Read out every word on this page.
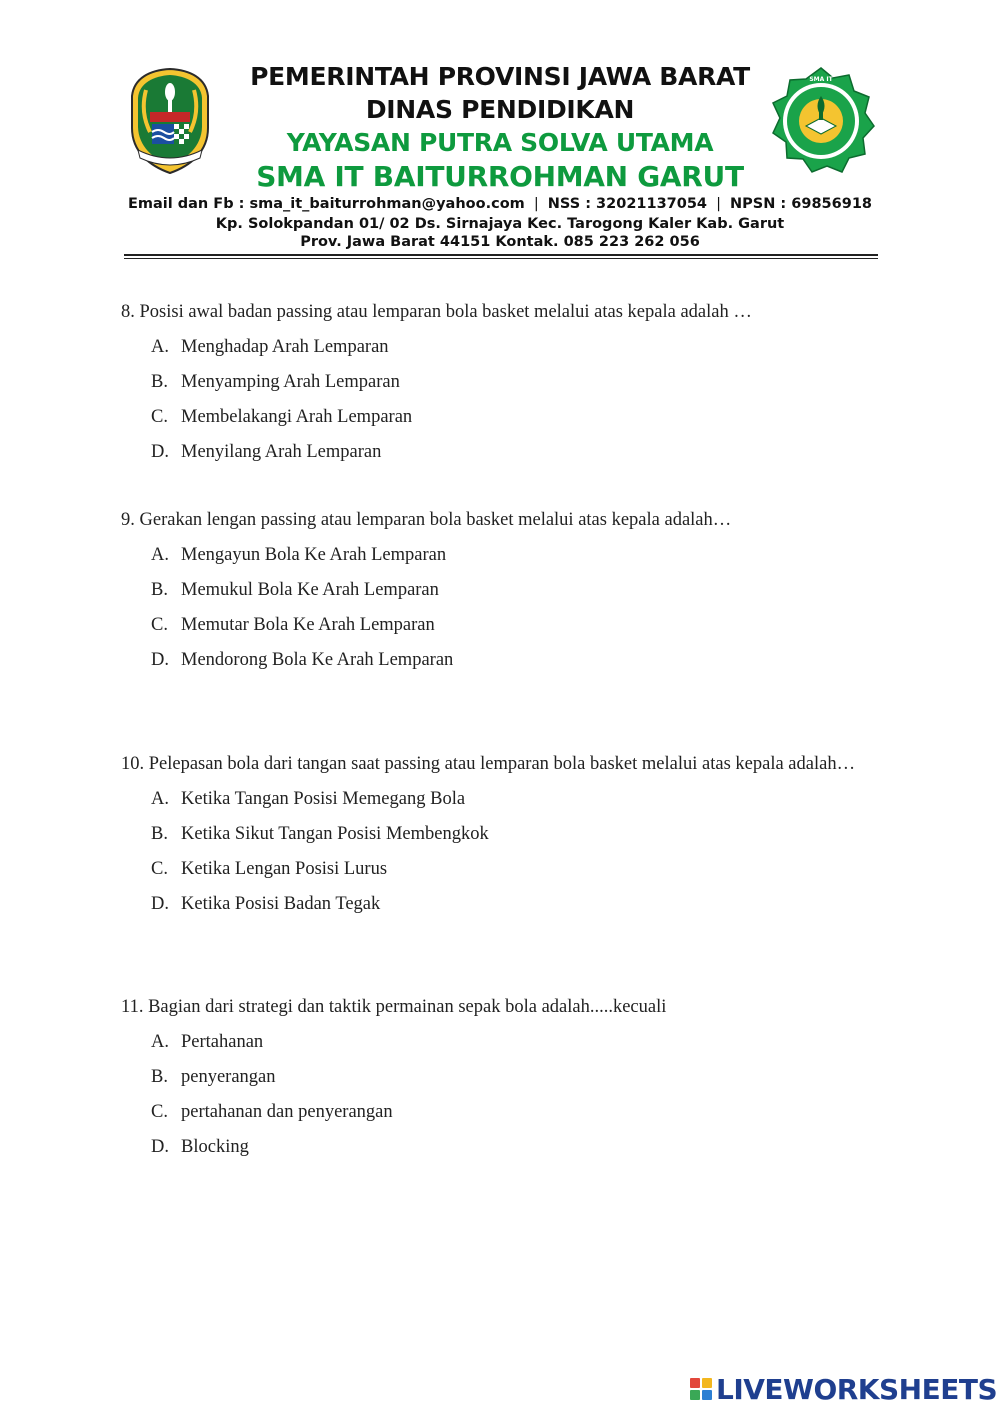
SMA IT
PEMERINTAH PROVINSI JAWA BARAT
DINAS PENDIDIKAN
YAYASAN PUTRA SOLVA UTAMA
SMA IT BAITURROHMAN GARUT
Email dan Fb : sma_it_baiturrohman@yahoo.com | NSS : 32021137054 | NPSN : 69856918
Kp. Solokpandan 01/ 02 Ds. Sirnajaya Kec. Tarogong Kaler Kab. Garut
Prov. Jawa Barat 44151 Kontak. 085 223 262 056

8. Posisi awal badan passing atau lemparan bola basket melalui atas kepala adalah …

A. Menghadap Arah Lemparan
B. Menyamping Arah Lemparan
C. Membelakangi Arah Lemparan
D. Menyilang Arah Lemparan

9. Gerakan lengan passing atau lemparan bola basket melalui atas kepala adalah…

A. Mengayun Bola Ke Arah Lemparan
B. Memukul Bola Ke Arah Lemparan
C. Memutar Bola Ke Arah Lemparan
D. Mendorong Bola Ke Arah Lemparan

10. Pelepasan bola dari tangan saat passing atau lemparan bola basket melalui atas kepala adalah…

A. Ketika Tangan Posisi Memegang Bola
B. Ketika Sikut Tangan Posisi Membengkok
C. Ketika Lengan Posisi Lurus
D. Ketika Posisi Badan Tegak

11. Bagian dari strategi dan taktik permainan sepak bola adalah.....kecuali

A. Pertahanan
B. penyerangan
C. pertahanan dan penyerangan
D. Blocking
LIVEWORKSHEETS
